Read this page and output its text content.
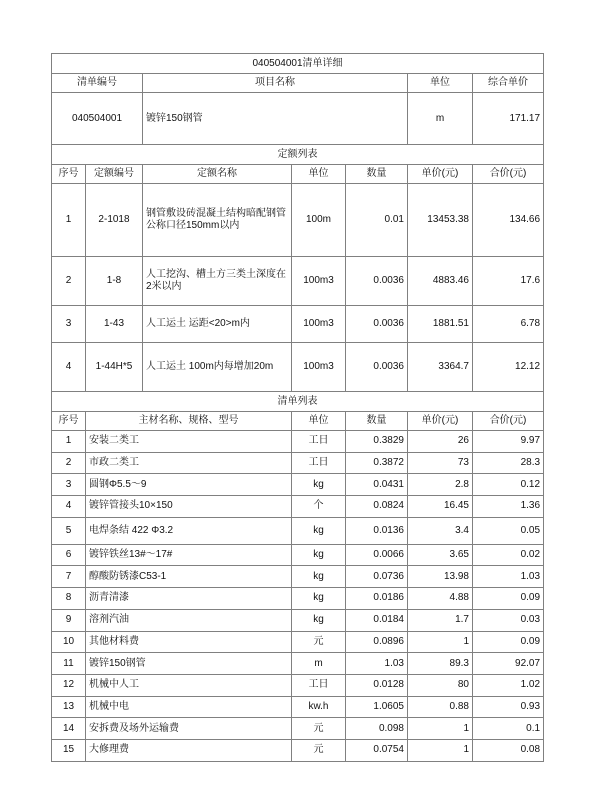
040504001清单详细						
清单编号		项目名称			单位	综合单价
040504001		镀锌150钢管			m	171.17
定额列表						
序号	定额编号	定额名称	单位	数量	单价(元)	合价(元)
1	2-1018	钢管敷设砖混凝土结构暗配钢管公称口径150mm以内	100m	0.01	13453.38	134.66
2	1-8	人工挖沟、槽土方三类土深度在2米以内	100m3	0.0036	4883.46	17.6
3	1-43	人工运土 运距<20>m内	100m3	0.0036	1881.51	6.78
4	1-44H*5	人工运土 100m内每增加20m	100m3	0.0036	3364.7	12.12
清单列表						
序号	主材名称、规格、型号		单位	数量	单价(元)	合价(元)
1	安装二类工		工日	0.3829	26	9.97
2	市政二类工		工日	0.3872	73	28.3
3	圆钢Φ5.5～9		kg	0.0431	2.8	0.12
4	镀锌管接头10×150		个	0.0824	16.45	1.36
5	电焊条结 422 Φ3.2		kg	0.0136	3.4	0.05
6	镀锌铁丝13#～17#		kg	0.0066	3.65	0.02
7	醇酸防锈漆C53-1		kg	0.0736	13.98	1.03
8	沥青清漆		kg	0.0186	4.88	0.09
9	溶剂汽油		kg	0.0184	1.7	0.03
10	其他材料费		元	0.0896	1	0.09
11	镀锌150钢管		m	1.03	89.3	92.07
12	机械中人工		工日	0.0128	80	1.02
13	机械中电		kw.h	1.0605	0.88	0.93
14	安拆费及场外运输费		元	0.098	1	0.1
15	大修理费		元	0.0754	1	0.08
